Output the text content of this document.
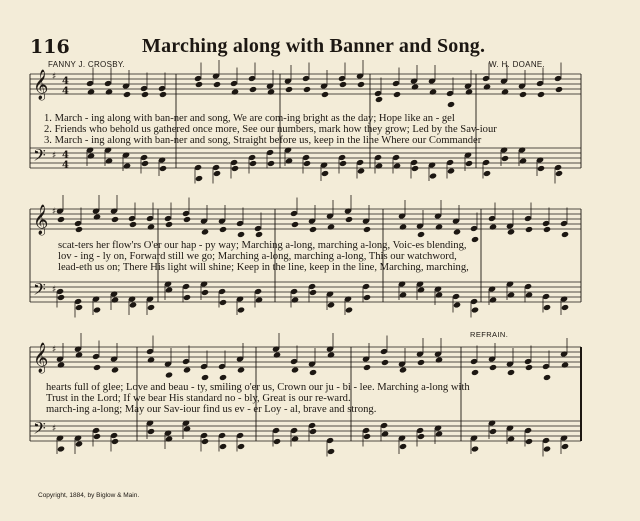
116	Marching along with Banner and Song.
FANNY J. CROSBY.	W. H. DOANE.
𝄞 ♯
𝄢 ♯
4
4
4
4
𝄞 ♯
𝄢 ♯
𝄞 ♯
𝄢 ♯
1. March - ing along with ban-ner and song, We are com-ing bright as the day; Hope like an - gel
2. Friends who behold us gathered once more, See our numbers, mark how they grow; Led by the Sav-iour
3. March - ing along with ban-ner and song, Straight before us, keep in the line Where our Commander
scat-ters her flow'rs O'er our hap - py way; Marching a-long, marching a-long, Voic-es blending,
lov - ing - ly on, Forward still we go; Marching a-long, marching a-long, This our watchword,
lead-eth us on; There His light will shine; Keep in the line, keep in the line, Marching, marching,
REFRAIN.
hearts full of glee; Love and beau - ty, smiling o'er us, Crown our ju - bi - lee. Marching a-long with
Trust in the Lord; If we bear His standard no - bly, Great is our re-ward.
march-ing a-long; May our Sav-iour find us ev - er Loy - al, brave and strong.
Copyright, 1884, by Biglow & Main.
